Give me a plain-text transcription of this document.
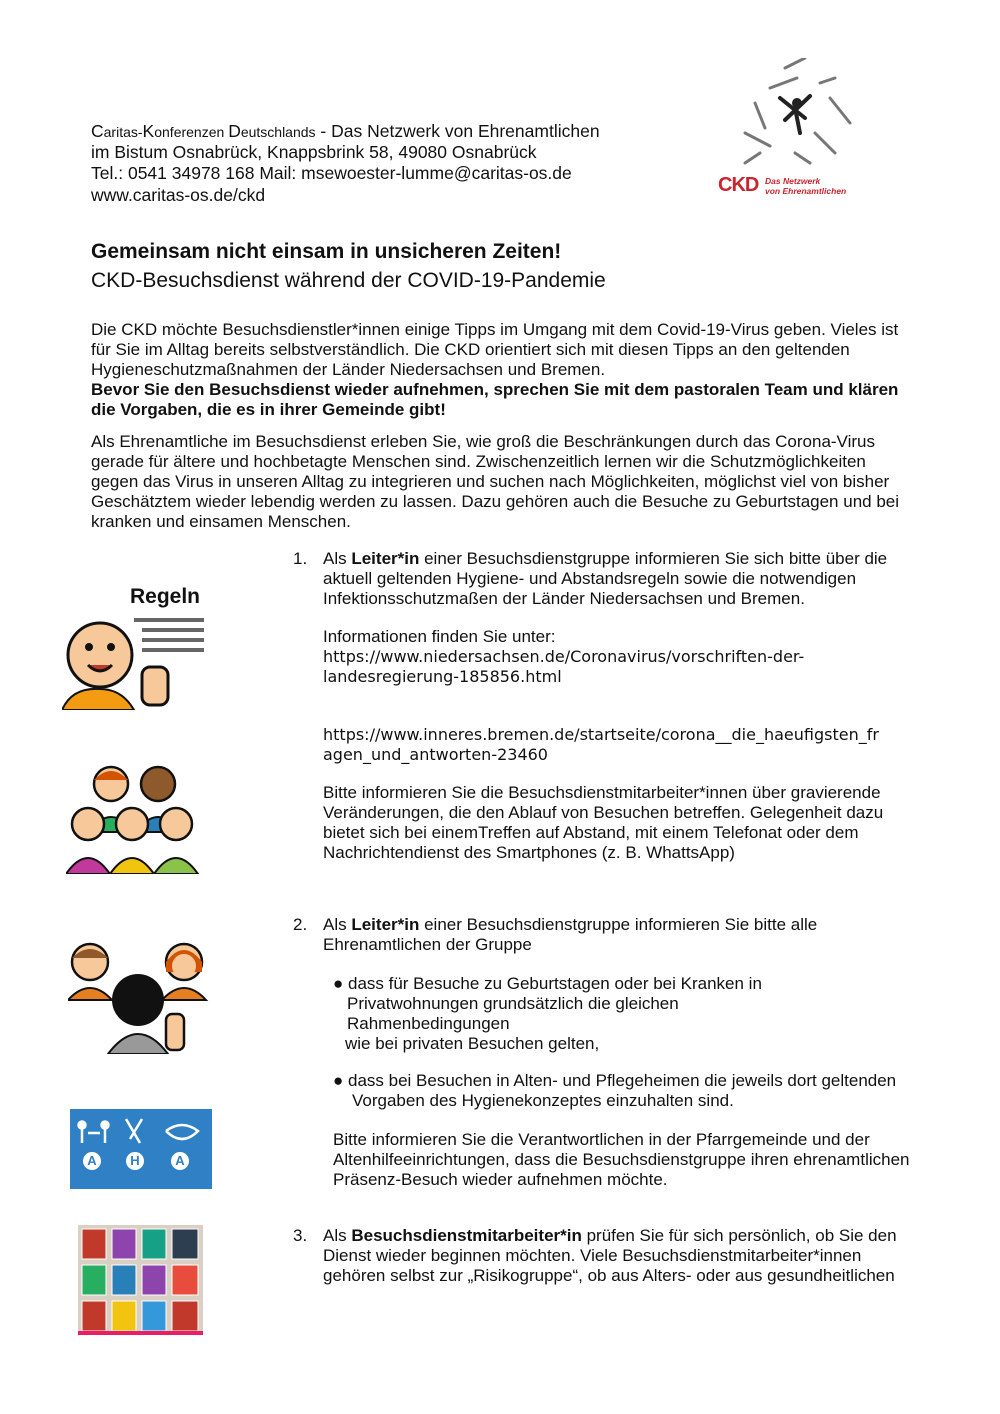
Caritas-Konferenzen Deutschlands - Das Netzwerk von Ehrenamtlichen
im Bistum Osnabrück, Knappsbrink 58, 49080 Osnabrück
Tel.: 0541 34978 168 Mail: msewoester-lumme@caritas-os.de
www.caritas-os.de/ckd	CKD Das Netzwerk
von Ehrenamtlichen
Gemeinsam nicht einsam in unsicheren Zeiten!
CKD-Besuchsdienst während der COVID-19-Pandemie
Die CKD möchte Besuchsdienstler*innen einige Tipps im Umgang mit dem Covid-19-Virus geben. Vieles ist
für Sie im Alltag bereits selbstverständlich. Die CKD orientiert sich mit diesen Tipps an den geltenden
Hygieneschutzmaßnahmen der Länder Niedersachsen und Bremen.
Bevor Sie den Besuchsdienst wieder aufnehmen, sprechen Sie mit dem pastoralen Team und klären
die Vorgaben, die es in ihrer Gemeinde gibt!
Als Ehrenamtliche im Besuchsdienst erleben Sie, wie groß die Beschränkungen durch das Corona-Virus
gerade für ältere und hochbetagte Menschen sind. Zwischenzeitlich lernen wir die Schutzmöglichkeiten
gegen das Virus in unseren Alltag zu integrieren und suchen nach Möglichkeiten, möglichst viel von bisher
Geschätztem wieder lebendig werden zu lassen. Dazu gehören auch die Besuche zu Geburtstagen und bei
kranken und einsamen Menschen.
1. Als Leiter*in einer Besuchsdienstgruppe informieren Sie sich bitte über die
aktuell geltenden Hygiene- und Abstandsregeln sowie die notwendigen
Infektionsschutzmaßen der Länder Niedersachsen und Bremen.
Informationen finden Sie unter:
https://www.niedersachsen.de/Coronavirus/vorschriften-der-
landesregierung-185856.html
https://www.inneres.bremen.de/startseite/corona__die_haeufigsten_fr
agen_und_antworten-23460
Bitte informieren Sie die Besuchsdienstmitarbeiter*innen über gravierende
Veränderungen, die den Ablauf von Besuchen betreffen. Gelegenheit dazu
bietet sich bei einemTreffen auf Abstand, mit einem Telefonat oder dem
Nachrichtendienst des Smartphones (z. B. WhattsApp)
Regeln
2. Als Leiter*in einer Besuchsdienstgruppe informieren Sie bitte alle
Ehrenamtlichen der Gruppe
● dass für Besuche zu Geburtstagen oder bei Kranken in
Privatwohnungen grundsätzlich die gleichen
Rahmenbedingungen
wie bei privaten Besuchen gelten,
● dass bei Besuchen in Alten- und Pflegeheimen die jeweils dort geltenden
Vorgaben des Hygienekonzeptes einzuhalten sind.
Bitte informieren Sie die Verantwortlichen in der Pfarrgemeinde und der
Altenhilfeeinrichtungen, dass die Besuchsdienstgruppe ihren ehrenamtlichen
Präsenz-Besuch wieder aufnehmen möchte.
A	H	A
3. Als Besuchsdienstmitarbeiter*in prüfen Sie für sich persönlich, ob Sie den
Dienst wieder beginnen möchten. Viele Besuchsdienstmitarbeiter*innen
gehören selbst zur „Risikogruppe“, ob aus Alters- oder aus gesundheitlichen
